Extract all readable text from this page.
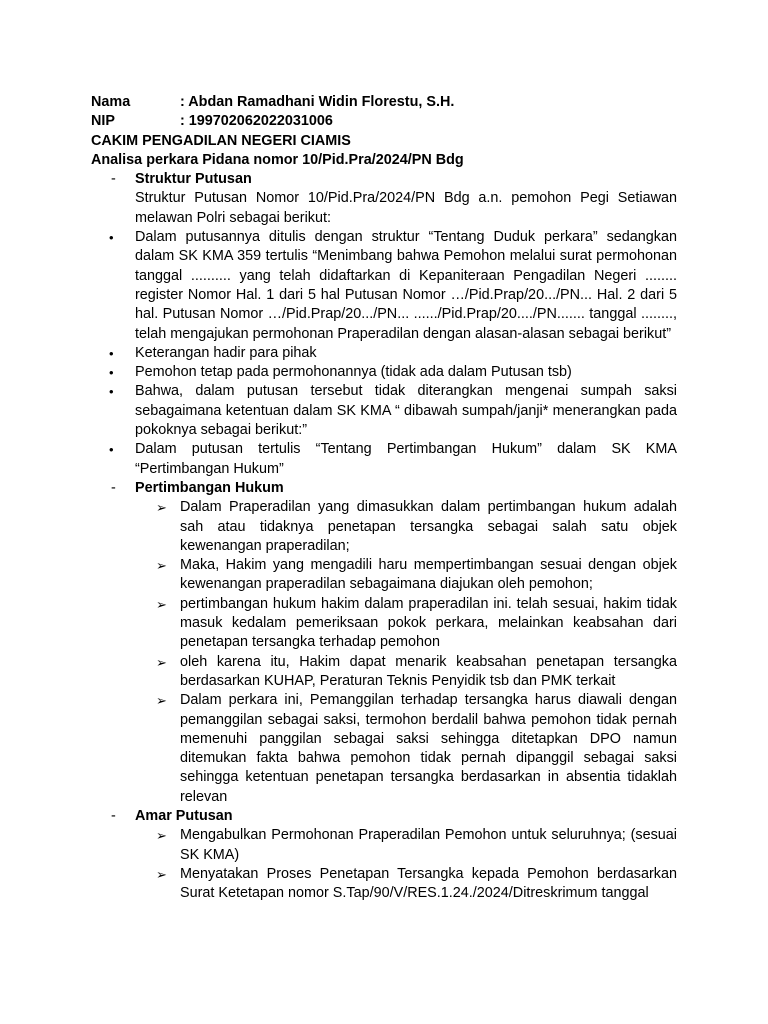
Nama	: Abdan Ramadhani Widin Florestu, S.H.
NIP	: 199702062022031006
CAKIM PENGADILAN NEGERI CIAMIS
Analisa perkara Pidana nomor 10/Pid.Pra/2024/PN Bdg
-	Struktur Putusan
Struktur Putusan Nomor 10/Pid.Pra/2024/PN Bdg a.n. pemohon Pegi Setiawan melawan Polri sebagai berikut:
•	Dalam putusannya ditulis dengan struktur “Tentang Duduk perkara” sedangkan dalam SK KMA 359 tertulis “Menimbang bahwa Pemohon melalui surat permohonan tanggal .......... yang telah didaftarkan di Kepaniteraan Pengadilan Negeri ........ register Nomor Hal. 1 dari 5 hal Putusan Nomor …/Pid.Prap/20.../PN... Hal. 2 dari 5 hal. Putusan Nomor …/Pid.Prap/20.../PN... ....../Pid.Prap/20..../PN....... tanggal ........, telah mengajukan permohonan Praperadilan dengan alasan-alasan sebagai berikut”
•	Keterangan hadir para pihak
•	Pemohon tetap pada permohonannya (tidak ada dalam Putusan tsb)
•	Bahwa, dalam putusan tersebut tidak diterangkan mengenai sumpah saksi sebagaimana ketentuan dalam SK KMA “ dibawah sumpah/janji* menerangkan pada pokoknya sebagai berikut:”
•	Dalam putusan tertulis “Tentang Pertimbangan Hukum” dalam SK KMA “Pertimbangan Hukum”
-	Pertimbangan Hukum
➢ Dalam Praperadilan yang dimasukkan dalam pertimbangan hukum adalah sah atau tidaknya penetapan tersangka sebagai salah satu objek kewenangan praperadilan;
➢ Maka, Hakim yang mengadili haru mempertimbangan sesuai dengan objek kewenangan praperadilan sebagaimana diajukan oleh pemohon;
➢ pertimbangan hukum hakim dalam praperadilan ini. telah sesuai, hakim tidak masuk kedalam pemeriksaan pokok perkara, melainkan keabsahan dari penetapan tersangka terhadap pemohon
➢ oleh karena itu, Hakim dapat menarik keabsahan penetapan tersangka berdasarkan KUHAP, Peraturan Teknis Penyidik tsb dan PMK terkait
➢ Dalam perkara ini, Pemanggilan terhadap tersangka harus diawali dengan pemanggilan sebagai saksi, termohon berdalil bahwa pemohon tidak pernah memenuhi panggilan sebagai saksi sehingga ditetapkan DPO namun ditemukan fakta bahwa pemohon tidak pernah dipanggil sebagai saksi sehingga ketentuan penetapan tersangka berdasarkan in absentia tidaklah relevan
-	Amar Putusan
➢ Mengabulkan Permohonan Praperadilan Pemohon untuk seluruhnya; (sesuai SK KMA)
➢ Menyatakan Proses Penetapan Tersangka kepada Pemohon berdasarkan Surat Ketetapan nomor S.Tap/90/V/RES.1.24./2024/Ditreskrimum tanggal
